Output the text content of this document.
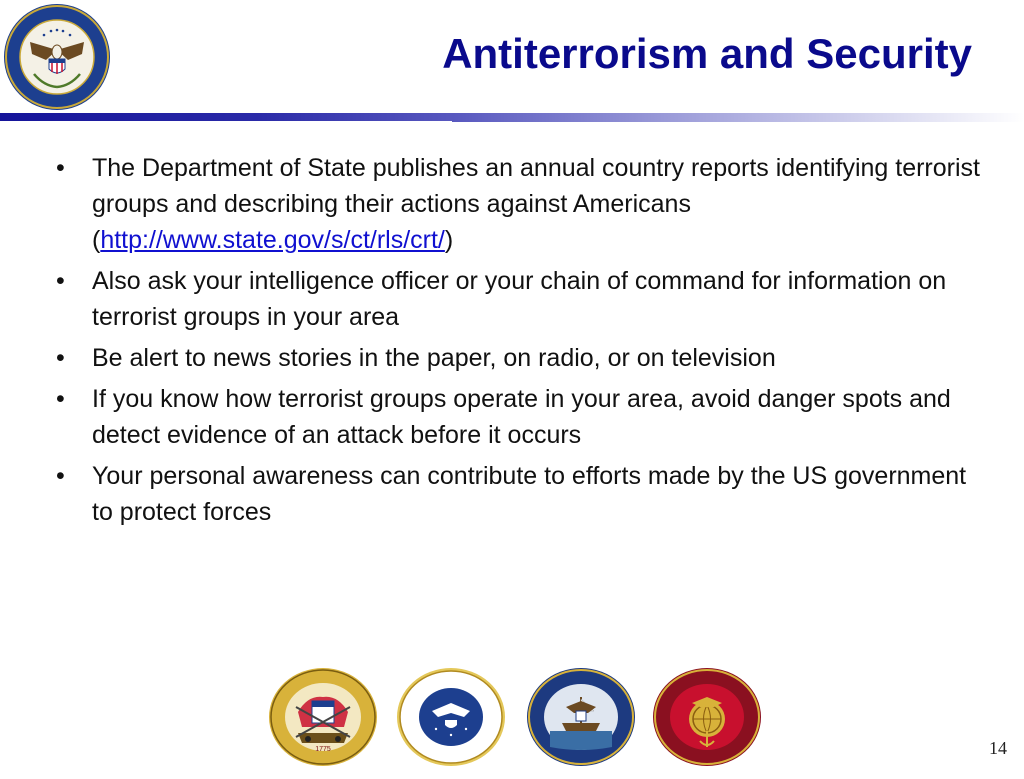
Antiterrorism and Security
• The Department of State publishes an annual country reports identifying terrorist groups and describing their actions against Americans (http://www.state.gov/s/ct/rls/crt/)
• Also ask your intelligence officer or your chain of command for information on terrorist groups in your area
• Be alert to news stories in the paper, on radio, or on television
• If you know how terrorist groups operate in your area, avoid danger spots and detect evidence of an attack before it occurs
• Your personal awareness can contribute to efforts made by the US government to protect forces
1775	14
